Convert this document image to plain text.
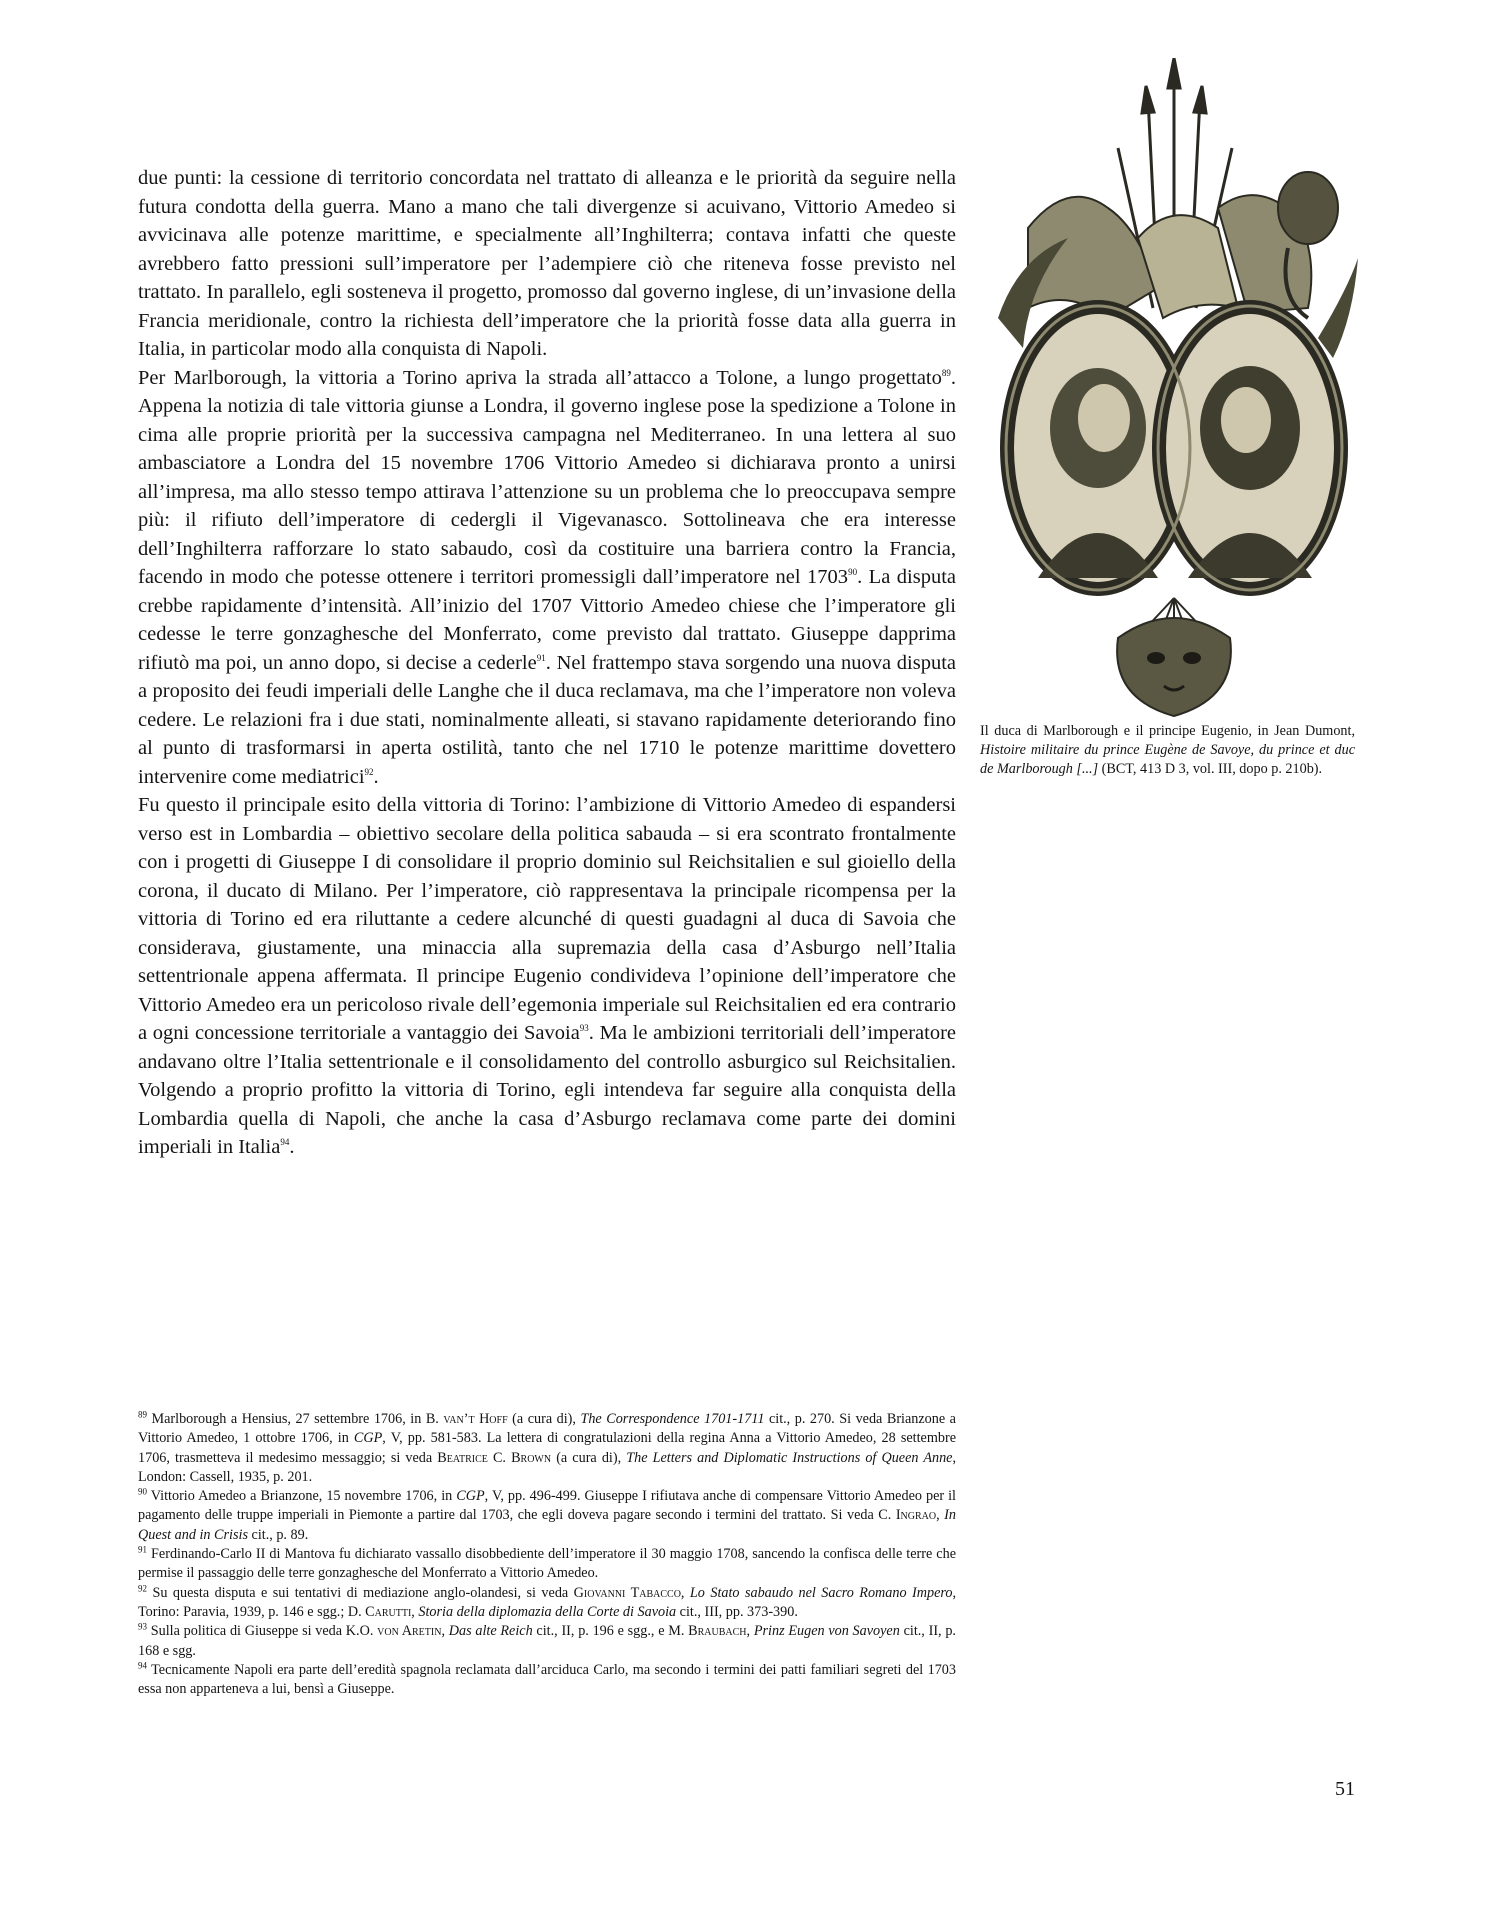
due punti: la cessione di territorio concordata nel trattato di alleanza e le priorità da seguire nella futura condotta della guerra. Mano a mano che tali divergenze si acuivano, Vittorio Amedeo si avvicinava alle potenze marittime, e specialmente all’Inghilterra; contava infatti che queste avrebbero fatto pressioni sull’imperatore per l’adempiere ciò che riteneva fosse previsto nel trattato. In parallelo, egli sosteneva il progetto, promosso dal governo inglese, di un’invasione della Francia meridionale, contro la richiesta dell’imperatore che la priorità fosse data alla guerra in Italia, in particolar modo alla conquista di Napoli.

Per Marlborough, la vittoria a Torino apriva la strada all’attacco a Tolone, a lungo progettato$^{89}$. Appena la notizia di tale vittoria giunse a Londra, il governo inglese pose la spedizione a Tolone in cima alle proprie priorità per la successiva campagna nel Mediterraneo. In una lettera al suo ambasciatore a Londra del 15 novembre 1706 Vittorio Amedeo si dichiarava pronto a unirsi all’impresa, ma allo stesso tempo attirava l’attenzione su un problema che lo preoccupava sempre più: il rifiuto dell’imperatore di cedergli il Vigevanasco. Sottolineava che era interesse dell’Inghilterra rafforzare lo stato sabaudo, così da costituire una barriera contro la Francia, facendo in modo che potesse ottenere i territori promessigli dall’imperatore nel 1703$^{90}$. La disputa crebbe rapidamente d’intensità. All’inizio del 1707 Vittorio Amedeo chiese che l’imperatore gli cedesse le terre gonzaghesche del Monferrato, come previsto dal trattato. Giuseppe dapprima rifiutò ma poi, un anno dopo, si decise a cederle$^{91}$. Nel frattempo stava sorgendo una nuova disputa a proposito dei feudi imperiali delle Langhe che il duca reclamava, ma che l’imperatore non voleva cedere. Le relazioni fra i due stati, nominalmente alleati, si stavano rapidamente deteriorando fino al punto di trasformarsi in aperta ostilità, tanto che nel 1710 le potenze marittime dovettero intervenire come mediatrici$^{92}$.

Fu questo il principale esito della vittoria di Torino: l’ambizione di Vittorio Amedeo di espandersi verso est in Lombardia – obiettivo secolare della politica sabauda – si era scontrato frontalmente con i progetti di Giuseppe I di consolidare il proprio dominio sul Reichsitalien e sul gioiello della corona, il ducato di Milano. Per l’imperatore, ciò rappresentava la principale ricompensa per la vittoria di Torino ed era riluttante a cedere alcunché di questi guadagni al duca di Savoia che considerava, giustamente, una minaccia alla supremazia della casa d’Asburgo nell’Italia settentrionale appena affermata. Il principe Eugenio condivideva l’opinione dell’imperatore che Vittorio Amedeo era un pericoloso rivale dell’egemonia imperiale sul Reichsitalien ed era contrario a ogni concessione territoriale a vantaggio dei Savoia$^{93}$. Ma le ambizioni territoriali dell’imperatore andavano oltre l’Italia settentrionale e il consolidamento del controllo asburgico sul Reichsitalien. Volgendo a proprio profitto la vittoria di Torino, egli intendeva far seguire alla conquista della Lombardia quella di Napoli, che anche la casa d’Asburgo reclamava come parte dei domini imperiali in Italia$^{94}$.

Il duca di Marlborough e il principe Eugenio, in Jean Dumont, Histoire militaire du prince Eugène de Savoye, du prince et duc de Marlborough [...] (BCT, 413 D 3, vol. III, dopo p. 210b).

$^{89}$ Marlborough a Hensius, 27 settembre 1706, in B. van’t Hoff (a cura di), The Correspondence 1701-1711 cit., p. 270. Si veda Brianzone a Vittorio Amedeo, 1 ottobre 1706, in CGP, V, pp. 581-583. La lettera di congratulazioni della regina Anna a Vittorio Amedeo, 28 settembre 1706, trasmetteva il medesimo messaggio; si veda Beatrice C. Brown (a cura di), The Letters and Diplomatic Instructions of Queen Anne, London: Cassell, 1935, p. 201.

$^{90}$ Vittorio Amedeo a Brianzone, 15 novembre 1706, in CGP, V, pp. 496-499. Giuseppe I rifiutava anche di compensare Vittorio Amedeo per il pagamento delle truppe imperiali in Piemonte a partire dal 1703, che egli doveva pagare secondo i termini del trattato. Si veda C. Ingrao, In Quest and in Crisis cit., p. 89.

$^{91}$ Ferdinando-Carlo II di Mantova fu dichiarato vassallo disobbediente dell’imperatore il 30 maggio 1708, sancendo la confisca delle terre che permise il passaggio delle terre gonzaghesche del Monferrato a Vittorio Amedeo.

$^{92}$ Su questa disputa e sui tentativi di mediazione anglo-olandesi, si veda Giovanni Tabacco, Lo Stato sabaudo nel Sacro Romano Impero, Torino: Paravia, 1939, p. 146 e sgg.; D. Carutti, Storia della diplomazia della Corte di Savoia cit., III, pp. 373-390.

$^{93}$ Sulla politica di Giuseppe si veda K.O. von Aretin, Das alte Reich cit., II, p. 196 e sgg., e M. Braubach, Prinz Eugen von Savoyen cit., II, p. 168 e sgg.

$^{94}$ Tecnicamente Napoli era parte dell’eredità spagnola reclamata dall’arciduca Carlo, ma secondo i termini dei patti familiari segreti del 1703 essa non apparteneva a lui, bensì a Giuseppe.

51
